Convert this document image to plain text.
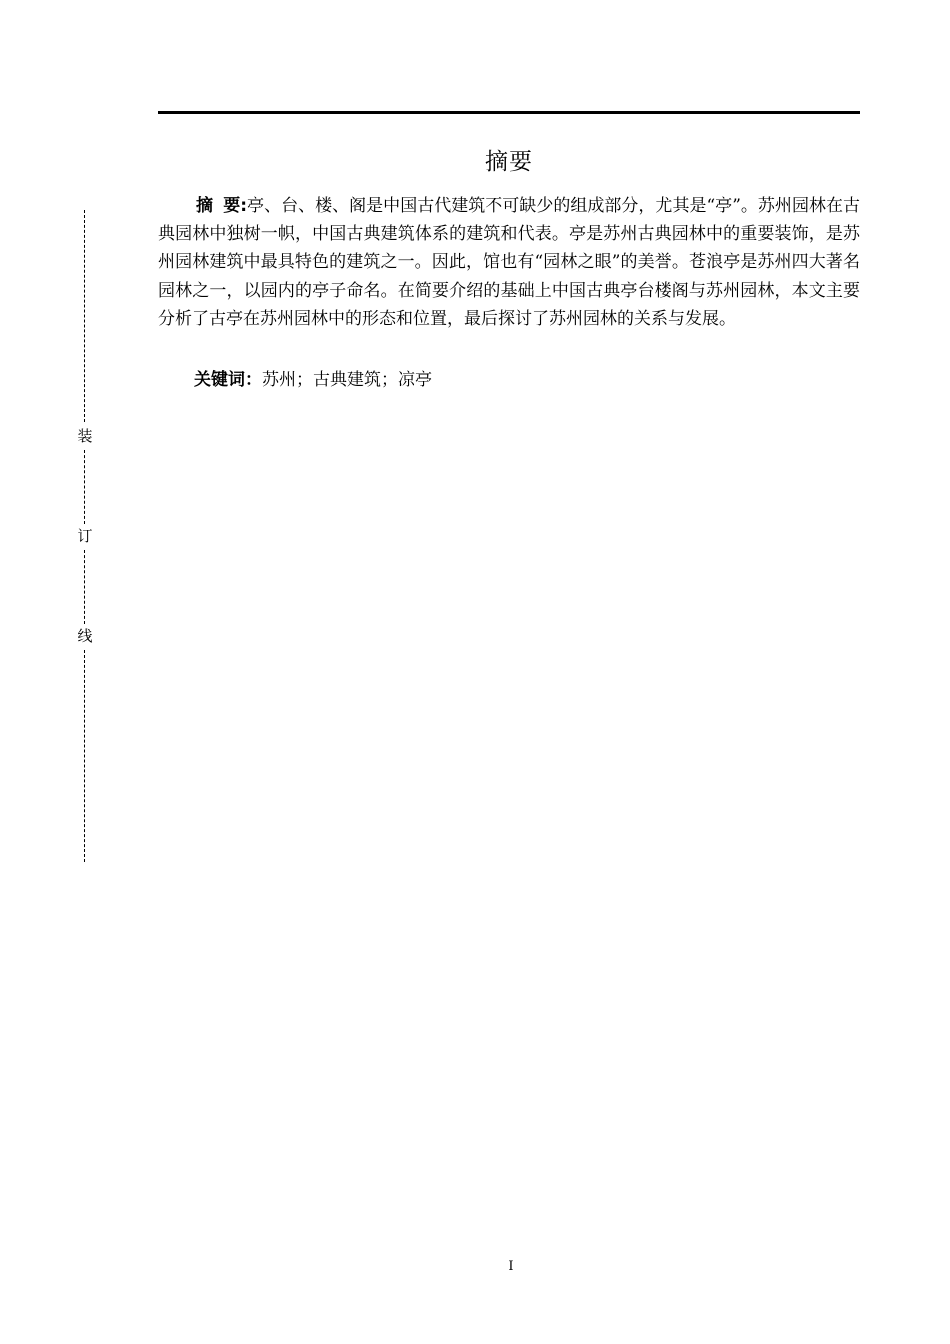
摘要

摘要:亭、台、楼、阁是中国古代建筑不可缺少的组成部分，尤其是“亭”。苏州园林在古典园林中独树一帜，中国古典建筑体系的建筑和代表。亭是苏州古典园林中的重要装饰，是苏州园林建筑中最具特色的建筑之一。因此，馆也有“园林之眼”的美誉。苍浪亭是苏州四大著名园林之一，以园内的亭子命名。在简要介绍的基础上中国古典亭台楼阁与苏州园林，本文主要分析了古亭在苏州园林中的形态和位置，最后探讨了苏州园林的关系与发展。

关键词：苏州；古典建筑；凉亭

装
订
线
I
